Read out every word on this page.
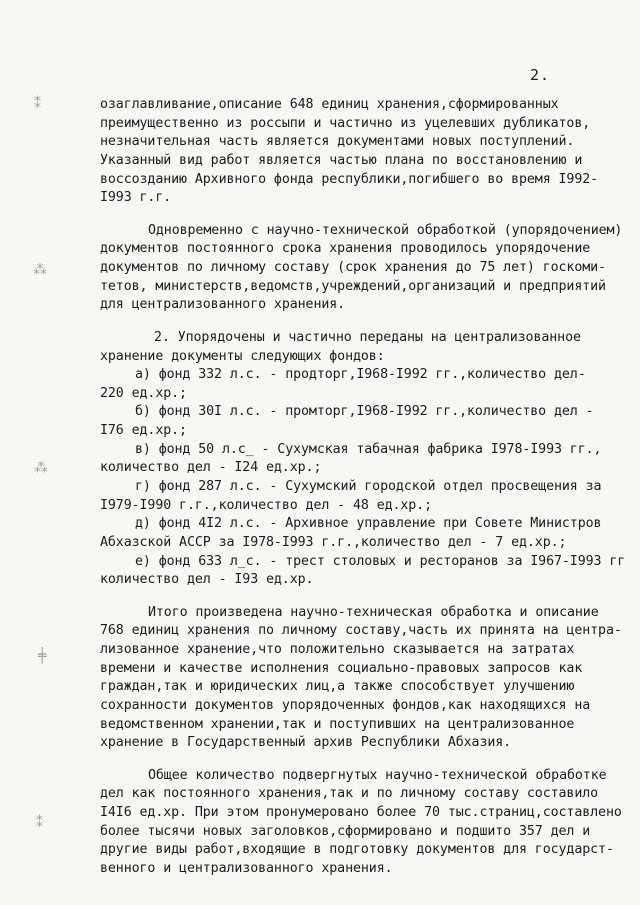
2.
⁑
⁂
⁂
╪
⁑
озаглавливание,описание 648 единиц хранения,сформированных
преимущественно из россыпи и частично из уцелевших дубликатов,
незначительная часть является документами новых поступлений.
Указанный вид работ является частью плана по восстановлению и
воссозданию Архивного фонда республики,погибшего во время I992-
I993 г.г.
Одновременно с научно-технической обработкой (упорядочением)
документов постоянного срока хранения проводилось упорядочение
документов по личному составу (срок хранения до 75 лет) госкоми-
тетов, министерств,ведомств,учреждений,организаций и предприятий
для централизованного хранения.
2. Упорядочены и частично переданы на централизованное
хранение документы следующих фондов:
а) фонд 332 л.с. - продторг,I968-I992 гг.,количество дел-
220 ед.хр.;
б) фонд 30I л.с. - промторг,I968-I992 гг.,количество дел -
I76 ед.хр.;
в) фонд 50 л.с_ - Сухумская табачная фабрика I978-I993 гг.,
количество дел - I24 ед.хр.;
г) фонд 287 л.с. - Сухумский городской отдел просвещения за
I979-I990 г.г.,количество дел - 48 ед.хр.;
д) фонд 4I2 л.с. - Архивное управление при Совете Министров
Абхазской АССР за I978-I993 г.г.,количество дел - 7 ед.хр.;
е) фонд 633 л_с. - трест столовых и ресторанов за I967-I993 гг
количество дел - I93 ед.хр.
Итого произведена научно-техническая обработка и описание
768 единиц хранения по личному составу,часть их принята на центра-
лизованное хранение,что положительно сказывается на затратах
времени и качестве исполнения социально-правовых запросов как
граждан,так и юридических лиц,а также способствует улучшению
сохранности документов упорядоченных фондов,как находящихся на
ведомственном хранении,так и поступивших на централизованное
хранение в Государственный архив Республики Абхазия.
Общее количество подвергнутых научно-технической обработке
дел как постоянного хранения,так и по личному составу составило
I4I6 ед.хр. При этом пронумеровано более 70 тыс.страниц,составлено
более тысячи новых заголовков,сформировано и подшито 357 дел и
другие виды работ,входящие в подготовку документов для государст-
венного и централизованного хранения.
